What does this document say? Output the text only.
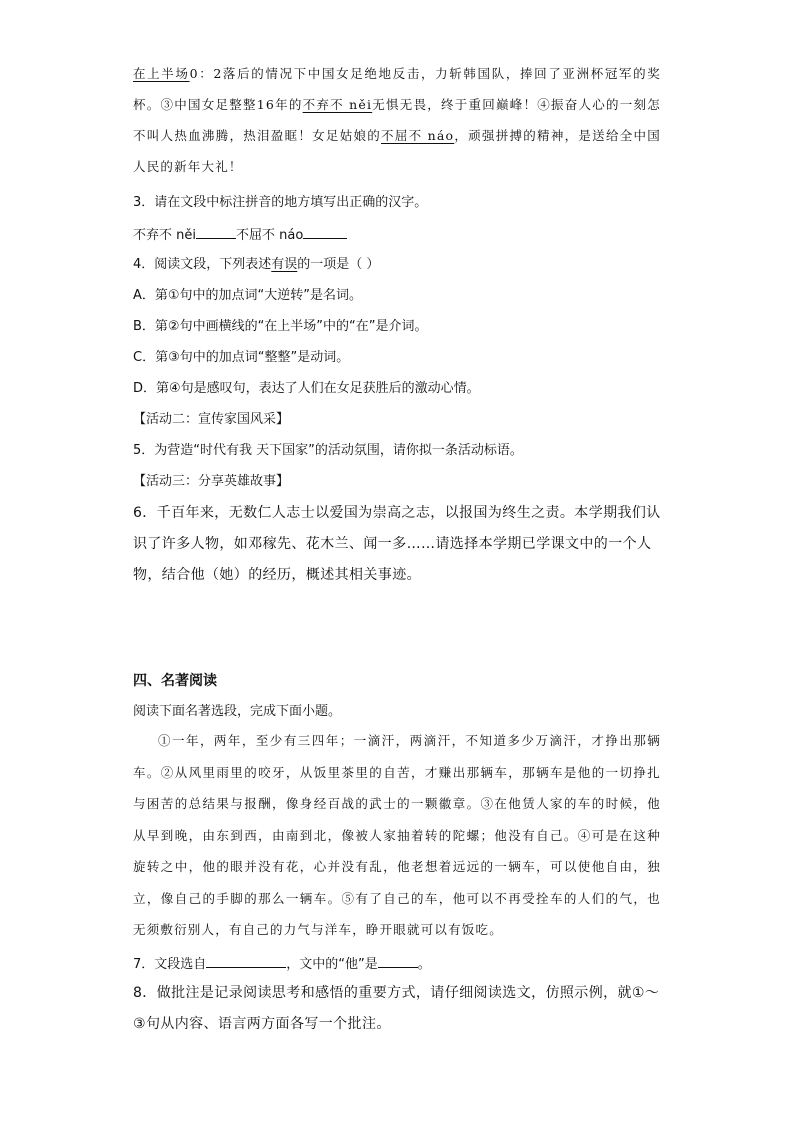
在上半场0：2落后的情况下中国女足绝地反击，力斩韩国队，捧回了亚洲杯冠军的奖杯。③中国女足整整16年的不弃不 něi无惧无畏，终于重回巅峰！④振奋人心的一刻怎不叫人热血沸腾，热泪盈眶！女足姑娘的不屈不 náo，顽强拼搏的精神，是送给全中国人民的新年大礼！

3．请在文段中标注拼音的地方填写出正确的汉字。
不弃不 něi	不屈不 náo
4．阅读文段，下列表述有误的一项是（ ）
A．第①句中的加点词“大逆转”是名词。
B．第②句中画横线的“在上半场”中的“在”是介词。
C．第③句中的加点词“整整”是动词。
D．第④句是感叹句，表达了人们在女足获胜后的激动心情。
【活动二：宣传家国风采】
5．为营造“时代有我 天下国家”的活动氛围，请你拟一条活动标语。
【活动三：分享英雄故事】
6．千百年来，无数仁人志士以爱国为崇高之志，以报国为终生之责。本学期我们认识了许多人物，如邓稼先、花木兰、闻一多……请选择本学期已学课文中的一个人物，结合他（她）的经历，概述其相关事迹。
四、名著阅读
阅读下面名著选段，完成下面小题。

①一年，两年，至少有三四年；一滴汗，两滴汗，不知道多少万滴汗，才挣出那辆车。②从风里雨里的咬牙，从饭里茶里的自苦，才赚出那辆车，那辆车是他的一切挣扎与困苦的总结果与报酬，像身经百战的武士的一颗徽章。③在他赁人家的车的时候，他从早到晚，由东到西，由南到北，像被人家抽着转的陀螺；他没有自己。④可是在这种旋转之中，他的眼并没有花，心并没有乱，他老想着远远的一辆车，可以使他自由，独立，像自己的手脚的那么一辆车。⑤有了自己的车，他可以不再受拴车的人们的气，也无须敷衍别人，有自己的力气与洋车，睁开眼就可以有饭吃。

7．文段选自	，文中的“他”是	。
8．做批注是记录阅读思考和感悟的重要方式，请仔细阅读选文，仿照示例，就①～③句从内容、语言两方面各写一个批注。
